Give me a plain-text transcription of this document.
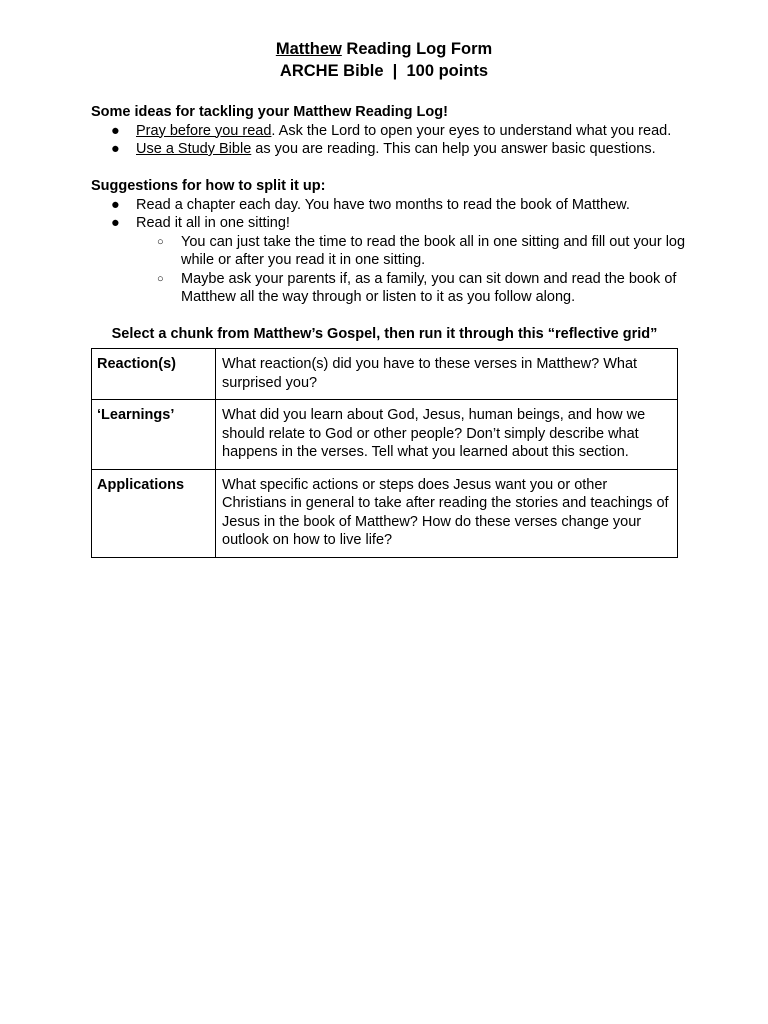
Matthew Reading Log Form
ARCHE Bible  |  100 points

Some ideas for tackling your Matthew Reading Log!

● Pray before you read. Ask the Lord to open your eyes to understand what you read.
● Use a Study Bible as you are reading. This can help you answer basic questions.

Suggestions for how to split it up:

● Read a chapter each day. You have two months to read the book of Matthew.
● Read it all in one sitting!
○ You can just take the time to read the book all in one sitting and fill out your log while or after you read it in one sitting.
○ Maybe ask your parents if, as a family, you can sit down and read the book of Matthew all the way through or listen to it as you follow along.
Select a chunk from Matthew’s Gospel, then run it through this “reflective grid”
Reaction(s)	What reaction(s) did you have to these verses in Matthew? What surprised you?
‘Learnings’	What did you learn about God, Jesus, human beings, and how we should relate to God or other people? Don’t simply describe what happens in the verses. Tell what you learned about this section.
Applications	What specific actions or steps does Jesus want you or other Christians in general to take after reading the stories and teachings of Jesus in the book of Matthew? How do these verses change your outlook on how to live life?
